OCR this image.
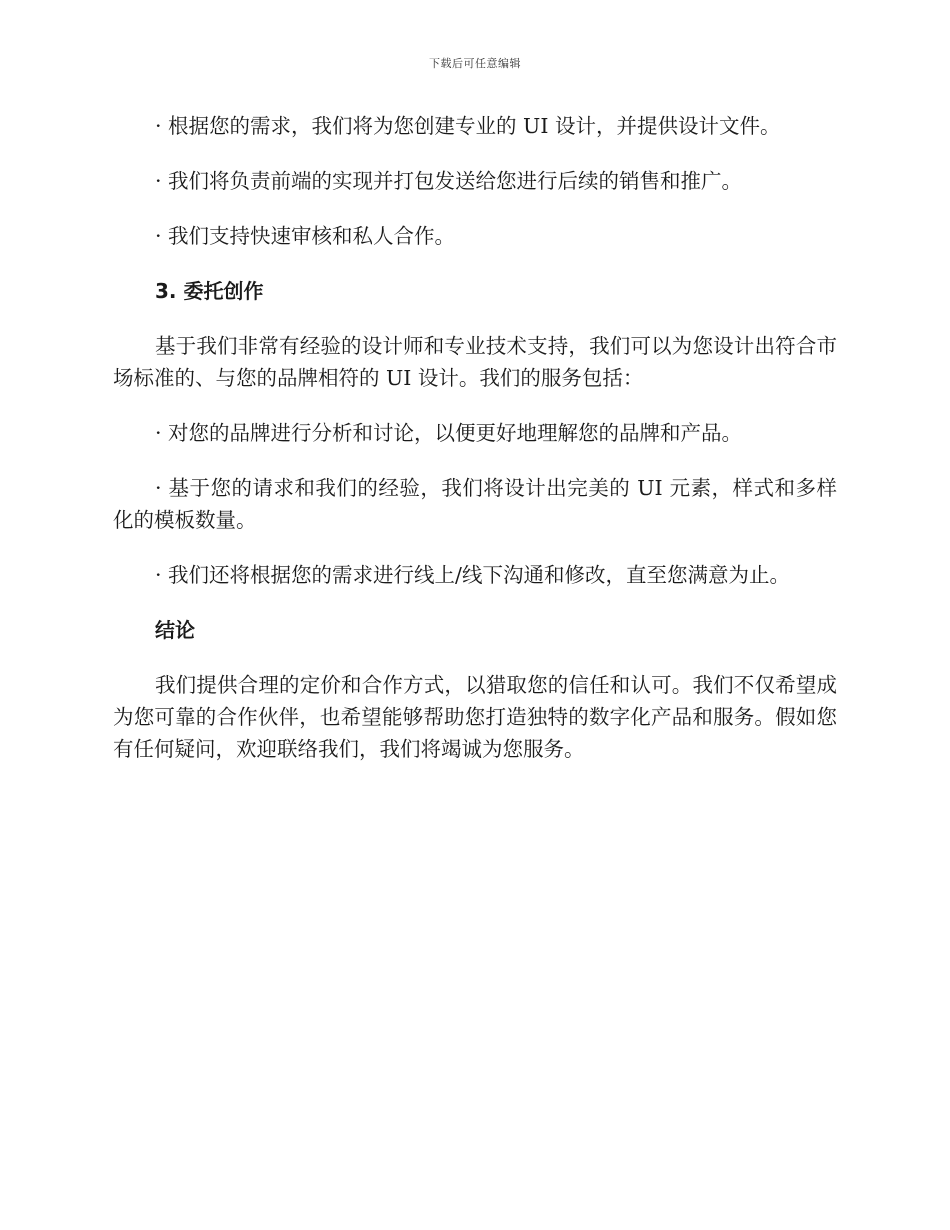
下载后可任意编辑

· 根据您的需求，我们将为您创建专业的 UI 设计，并提供设计文件。

· 我们将负责前端的实现并打包发送给您进行后续的销售和推广。

· 我们支持快速审核和私人合作。

3. 委托创作

基于我们非常有经验的设计师和专业技术支持，我们可以为您设计出符合市场标准的、与您的品牌相符的 UI 设计。我们的服务包括：

· 对您的品牌进行分析和讨论，以便更好地理解您的品牌和产品。

· 基于您的请求和我们的经验，我们将设计出完美的 UI 元素，样式和多样化的模板数量。

· 我们还将根据您的需求进行线上/线下沟通和修改，直至您满意为止。

结论

我们提供合理的定价和合作方式，以猎取您的信任和认可。我们不仅希望成为您可靠的合作伙伴，也希望能够帮助您打造独特的数字化产品和服务。假如您有任何疑问，欢迎联络我们，我们将竭诚为您服务。
